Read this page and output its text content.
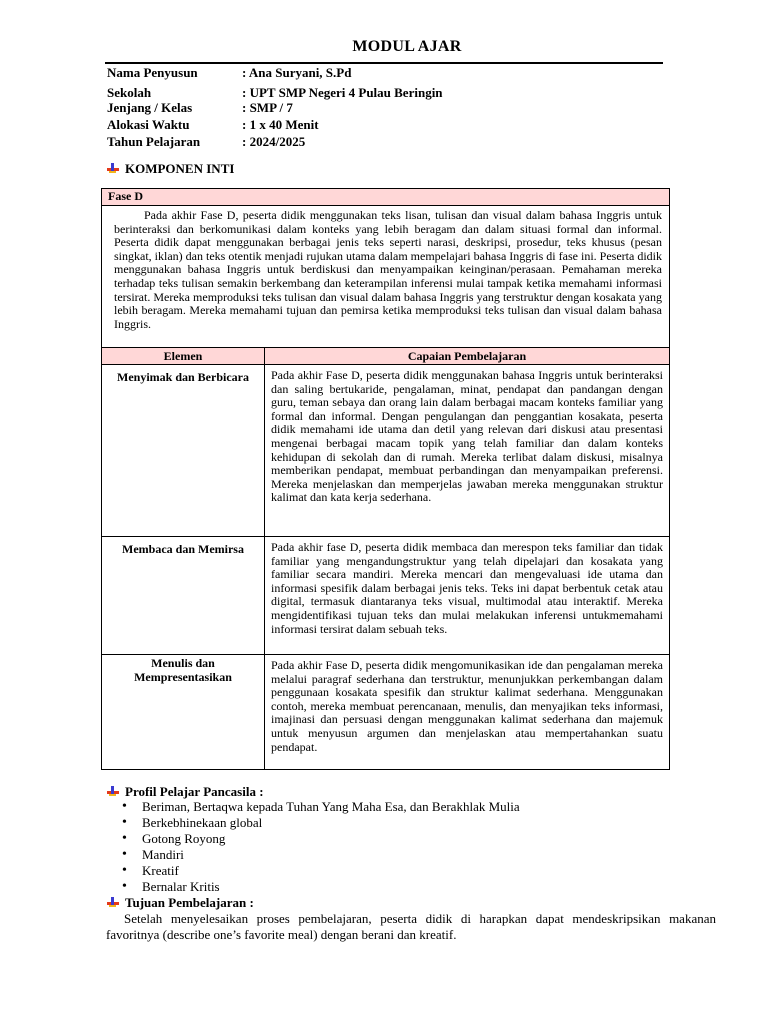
MODUL AJAR
Nama Penyusun	: Ana Suryani, S.Pd
Sekolah	: UPT SMP Negeri 4 Pulau Beringin
Jenjang / Kelas	: SMP / 7
Alokasi Waktu	: 1 x 40 Menit
Tahun Pelajaran	: 2024/2025
KOMPONEN INTI
Fase D	

Pada akhir Fase D, peserta didik menggunakan teks lisan, tulisan dan visual dalam bahasa Inggris untuk berinteraksi dan berkomunikasi dalam konteks yang lebih beragam dan dalam situasi formal dan informal. Peserta didik dapat menggunakan berbagai jenis teks seperti narasi, deskripsi, prosedur, teks khusus (pesan singkat, iklan) dan teks otentik menjadi rujukan utama dalam mempelajari bahasa Inggris di fase ini. Peserta didik menggunakan bahasa Inggris untuk berdiskusi dan menyampaikan keinginan/perasaan. Pemahaman mereka terhadap teks tulisan semakin berkembang dan keterampilan inferensi mulai tampak ketika memahami informasi tersirat. Mereka memproduksi teks tulisan dan visual dalam bahasa Inggris yang terstruktur dengan kosakata yang lebih beragam. Mereka memahami tujuan dan pemirsa ketika memproduksi teks tulisan dan visual dalam bahasa Inggris.	

Elemen	Capaian Pembelajaran
Menyimak dan Berbicara	Pada akhir Fase D, peserta didik menggunakan bahasa Inggris untuk berinteraksi dan saling bertukaride, pengalaman, minat, pendapat dan pandangan dengan guru, teman sebaya dan orang lain dalam berbagai macam konteks familiar yang formal dan informal. Dengan pengulangan dan penggantian kosakata, peserta didik memahami ide utama dan detil yang relevan dari diskusi atau presentasi mengenai berbagai macam topik yang telah familiar dan dalam konteks kehidupan di sekolah dan di rumah. Mereka terlibat dalam diskusi, misalnya memberikan pendapat, membuat perbandingan dan menyampaikan preferensi. Mereka menjelaskan dan memperjelas jawaban mereka menggunakan struktur kalimat dan kata kerja sederhana.
Membaca dan Memirsa	Pada akhir fase D, peserta didik membaca dan merespon teks familiar dan tidak familiar yang mengandungstruktur yang telah dipelajari dan kosakata yang familiar secara mandiri. Mereka mencari dan mengevaluasi ide utama dan informasi spesifik dalam berbagai jenis teks. Teks ini dapat berbentuk cetak atau digital, termasuk diantaranya teks visual, multimodal atau interaktif. Mereka mengidentifikasi tujuan teks dan mulai melakukan inferensi untukmemahami informasi tersirat dalam sebuah teks.
Menulis dan Mempresentasikan	Pada akhir Fase D, peserta didik mengomunikasikan ide dan pengalaman mereka melalui paragraf sederhana dan terstruktur, menunjukkan perkembangan dalam penggunaan kosakata spesifik dan struktur kalimat sederhana. Menggunakan contoh, mereka membuat perencanaan, menulis, dan menyajikan teks informasi, imajinasi dan persuasi dengan menggunakan kalimat sederhana dan majemuk untuk menyusun argumen dan menjelaskan atau mempertahankan suatu pendapat.
Profil Pelajar Pancasila :
• Beriman, Bertaqwa kepada Tuhan Yang Maha Esa, dan Berakhlak Mulia
• Berkebhinekaan global
• Gotong Royong
• Mandiri
• Kreatif
• Bernalar Kritis
Tujuan Pembelajaran :

Setelah menyelesaikan proses pembelajaran, peserta didik di harapkan dapat mendeskripsikan makanan favoritnya (describe one’s favorite meal) dengan berani dan kreatif.
